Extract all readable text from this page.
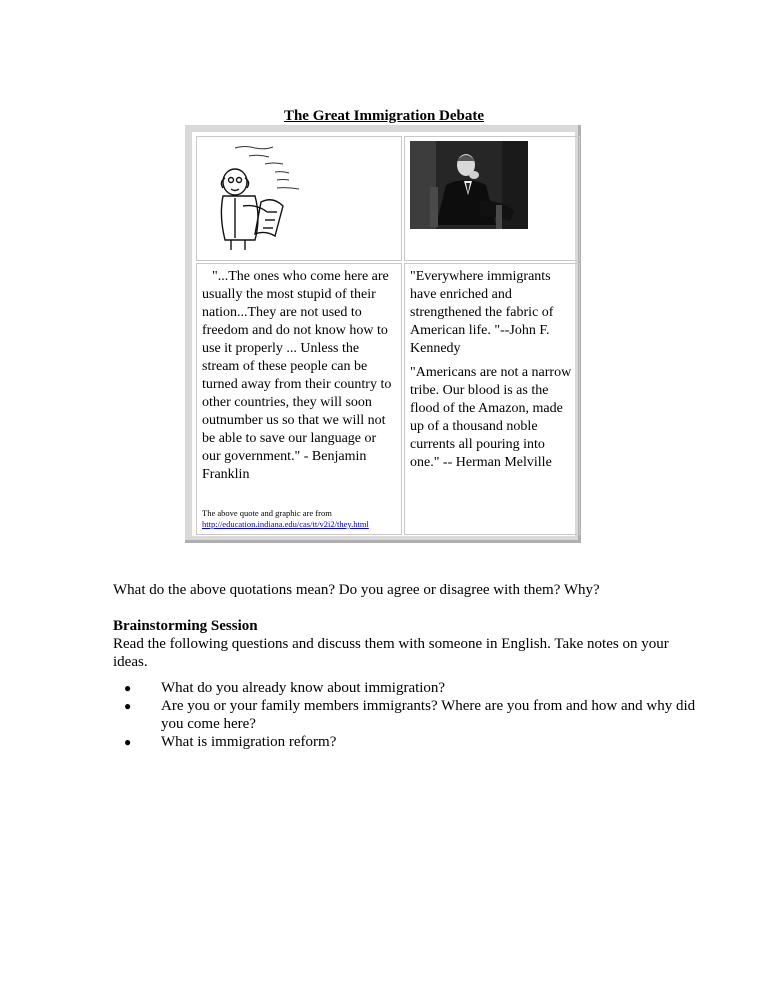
The Great Immigration Debate
"...The ones who come here are usually the most stupid of their nation...They are not used to freedom and do not know how to use it properly ... Unless the stream of these people can be turned away from their country to other countries, they will soon outnumber us so that we will not be able to save our language or our government." - Benjamin Franklin
The above quote and graphic are from
http://education.indiana.edu/cas/tt/v2i2/they.html
"Everywhere immigrants have enriched and strengthened the fabric of American life. "--John F. Kennedy
"Americans are not a narrow tribe. Our blood is as the flood of the Amazon, made up of a thousand noble currents all pouring into one." -- Herman Melville
What do the above quotations mean? Do you agree or disagree with them? Why?
Brainstorming Session
Read the following questions and discuss them with someone in English. Take notes on your ideas.
● What do you already know about immigration?
● Are you or your family members immigrants? Where are you from and how and why did you come here?
● What is immigration reform?
